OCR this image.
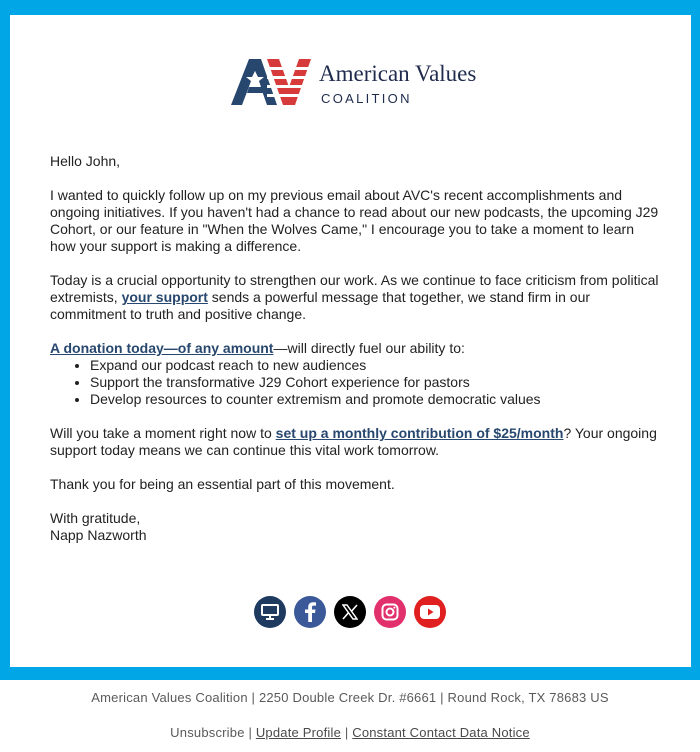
American Values
COALITION

Hello John,

I wanted to quickly follow up on my previous email about AVC's recent accomplishments and ongoing initiatives. If you haven't had a chance to read about our new podcasts, the upcoming J29 Cohort, or our feature in "When the Wolves Came," I encourage you to take a moment to learn how your support is making a difference.

Today is a crucial opportunity to strengthen our work. As we continue to face criticism from political extremists, your support sends a powerful message that together, we stand firm in our commitment to truth and positive change.

A donation today—of any amount—will directly fuel our ability to:
• Expand our podcast reach to new audiences
• Support the transformative J29 Cohort experience for pastors
• Develop resources to counter extremism and promote democratic values

Will you take a moment right now to set up a monthly contribution of $25/month? Your ongoing support today means we can continue this vital work tomorrow.

Thank you for being an essential part of this movement.

With gratitude,
Napp Nazworth
American Values Coalition | 2250 Double Creek Dr. #6661 | Round Rock, TX 78683 US
Unsubscribe | Update Profile | Constant Contact Data Notice
